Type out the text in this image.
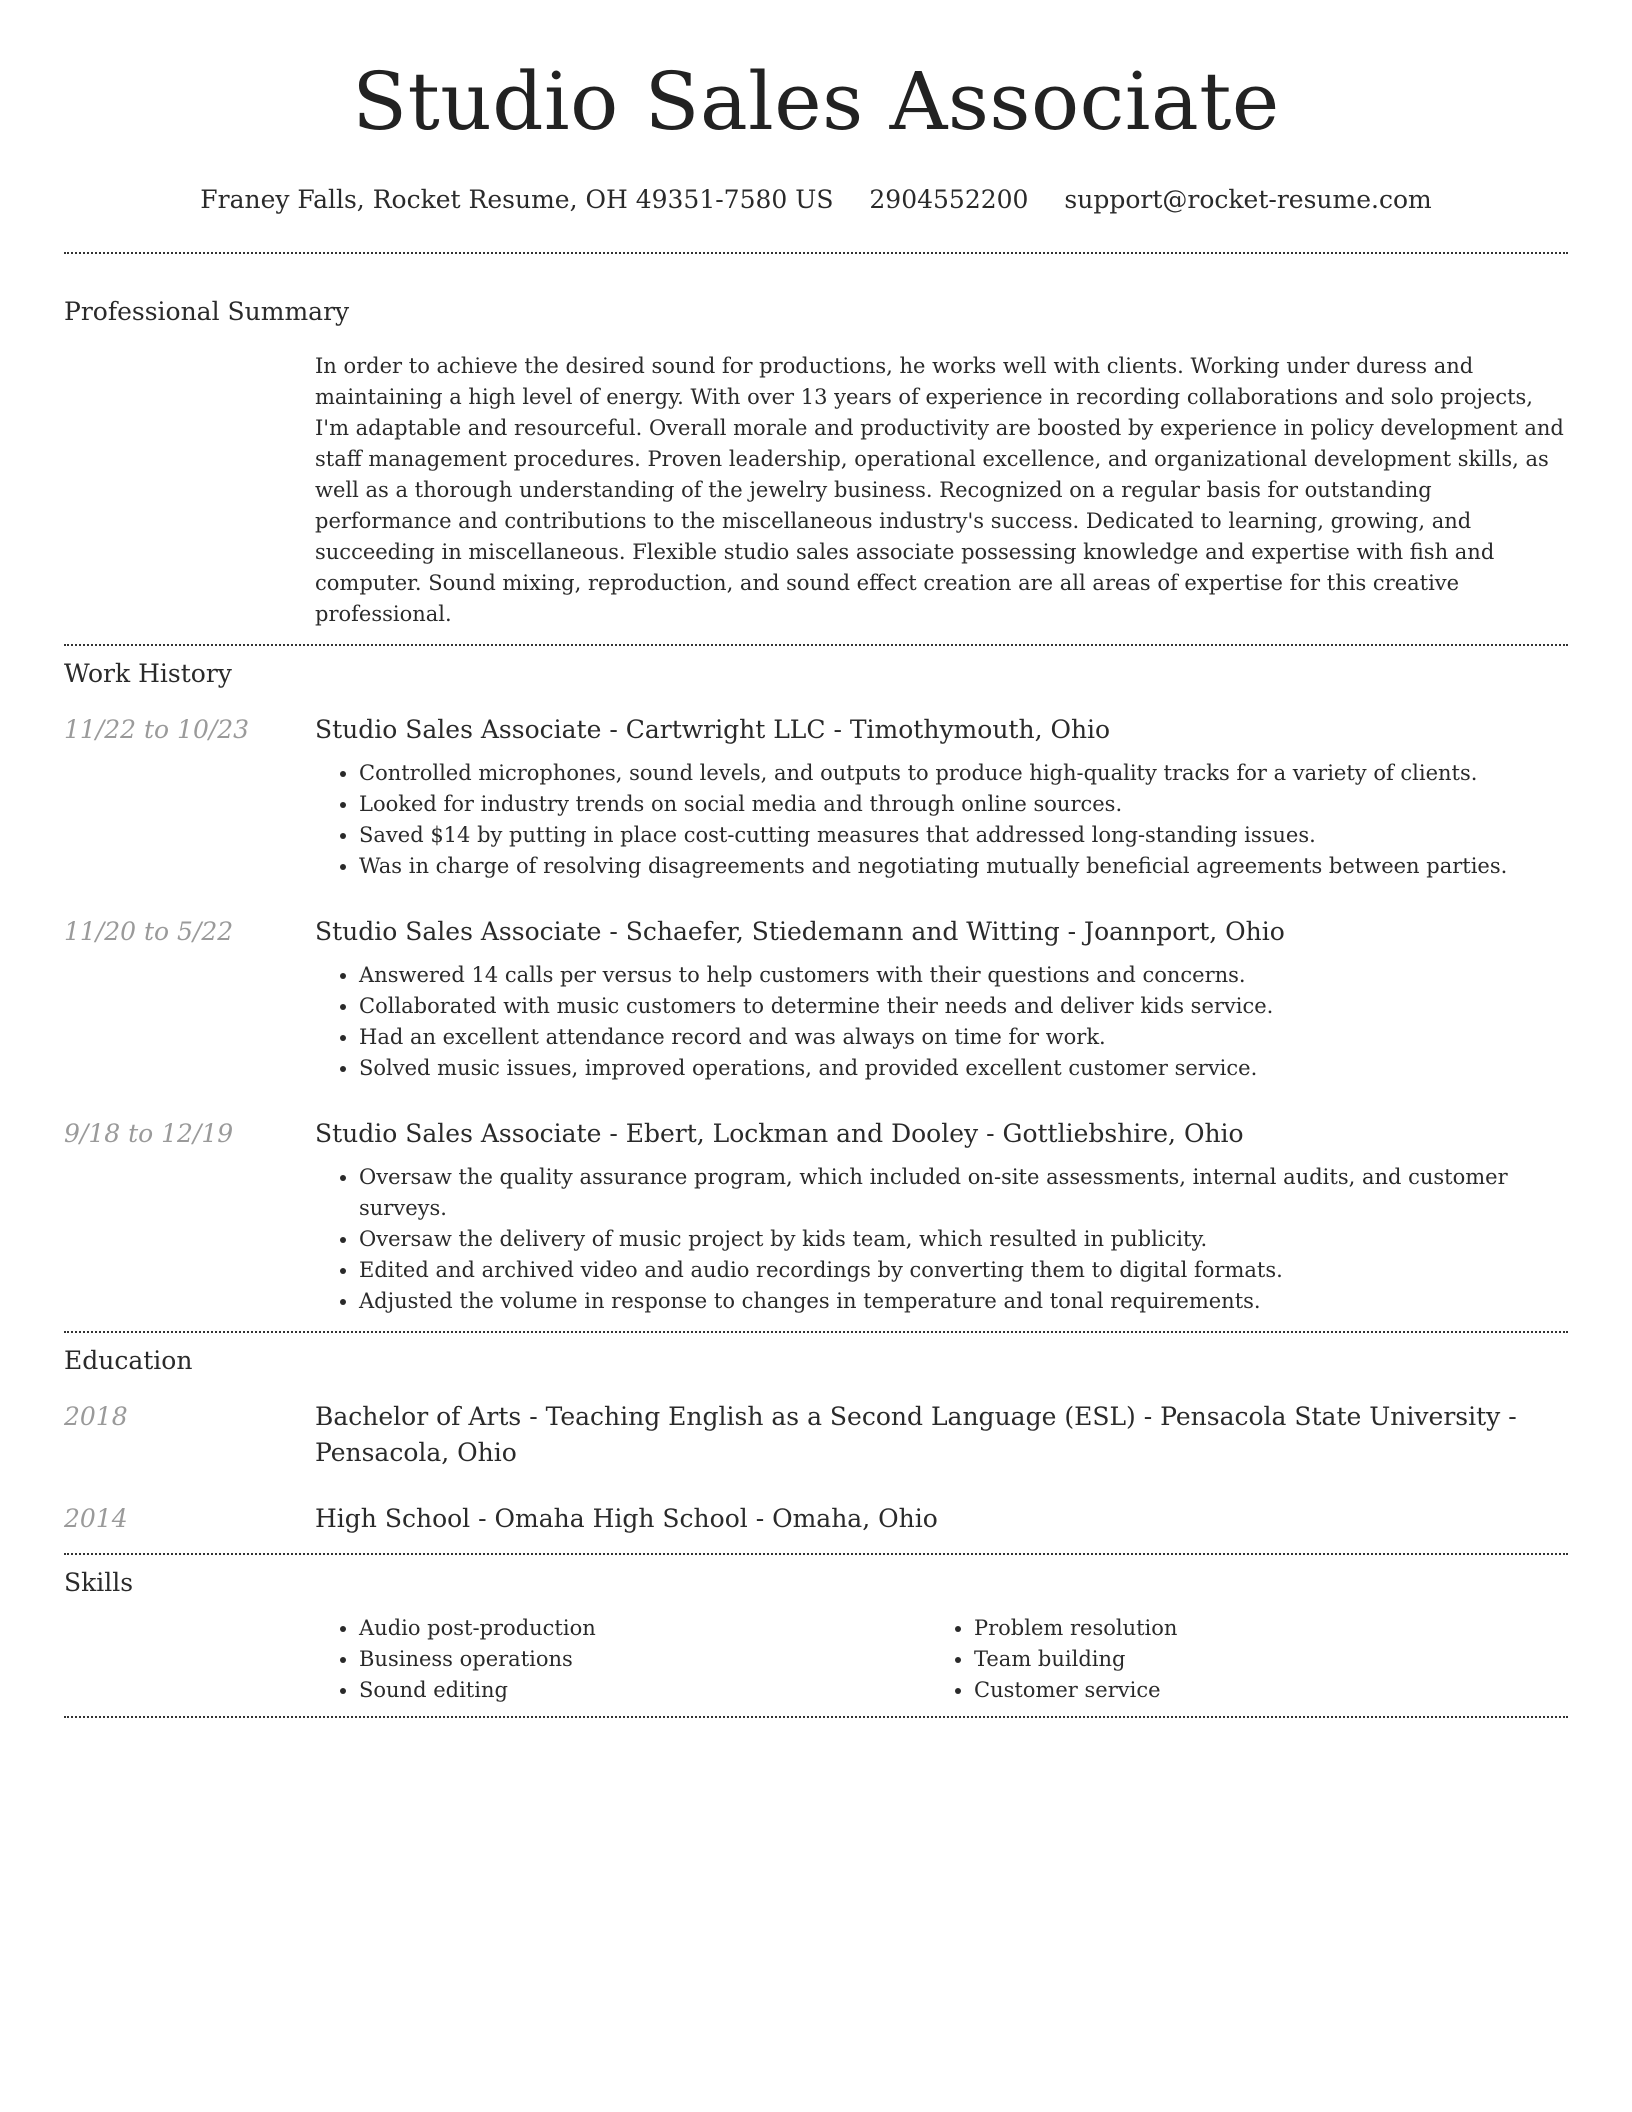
Studio Sales Associate
Franey Falls, Rocket Resume, OH 49351-7580 US 2904552200 support@rocket-resume.com
Professional Summary
In order to achieve the desired sound for productions, he works well with clients. Working under duress and maintaining a high level of energy. With over 13 years of experience in recording collaborations and solo projects, I'm adaptable and resourceful. Overall morale and productivity are boosted by experience in policy development and staff management procedures. Proven leadership, operational excellence, and organizational development skills, as well as a thorough understanding of the jewelry business. Recognized on a regular basis for outstanding performance and contributions to the miscellaneous industry's success. Dedicated to learning, growing, and succeeding in miscellaneous. Flexible studio sales associate possessing knowledge and expertise with fish and computer. Sound mixing, reproduction, and sound effect creation are all areas of expertise for this creative professional.
Work History
11/22 to 10/23	Studio Sales Associate - Cartwright LLC - Timothymouth, Ohio
• Controlled microphones, sound levels, and outputs to produce high-quality tracks for a variety of clients.
• Looked for industry trends on social media and through online sources.
• Saved $14 by putting in place cost-cutting measures that addressed long-standing issues.
• Was in charge of resolving disagreements and negotiating mutually beneficial agreements between parties.
11/20 to 5/22	Studio Sales Associate - Schaefer, Stiedemann and Witting - Joannport, Ohio
• Answered 14 calls per versus to help customers with their questions and concerns.
• Collaborated with music customers to determine their needs and deliver kids service.
• Had an excellent attendance record and was always on time for work.
• Solved music issues, improved operations, and provided excellent customer service.
9/18 to 12/19	Studio Sales Associate - Ebert, Lockman and Dooley - Gottliebshire, Ohio
• Oversaw the quality assurance program, which included on-site assessments, internal audits, and customer surveys.
• Oversaw the delivery of music project by kids team, which resulted in publicity.
• Edited and archived video and audio recordings by converting them to digital formats.
• Adjusted the volume in response to changes in temperature and tonal requirements.
Education
2018	Bachelor of Arts - Teaching English as a Second Language (ESL) - Pensacola State University - Pensacola, Ohio
2014	High School - Omaha High School - Omaha, Ohio
Skills
• Audio post-production
• Business operations
• Sound editing
• Problem resolution
• Team building
• Customer service
